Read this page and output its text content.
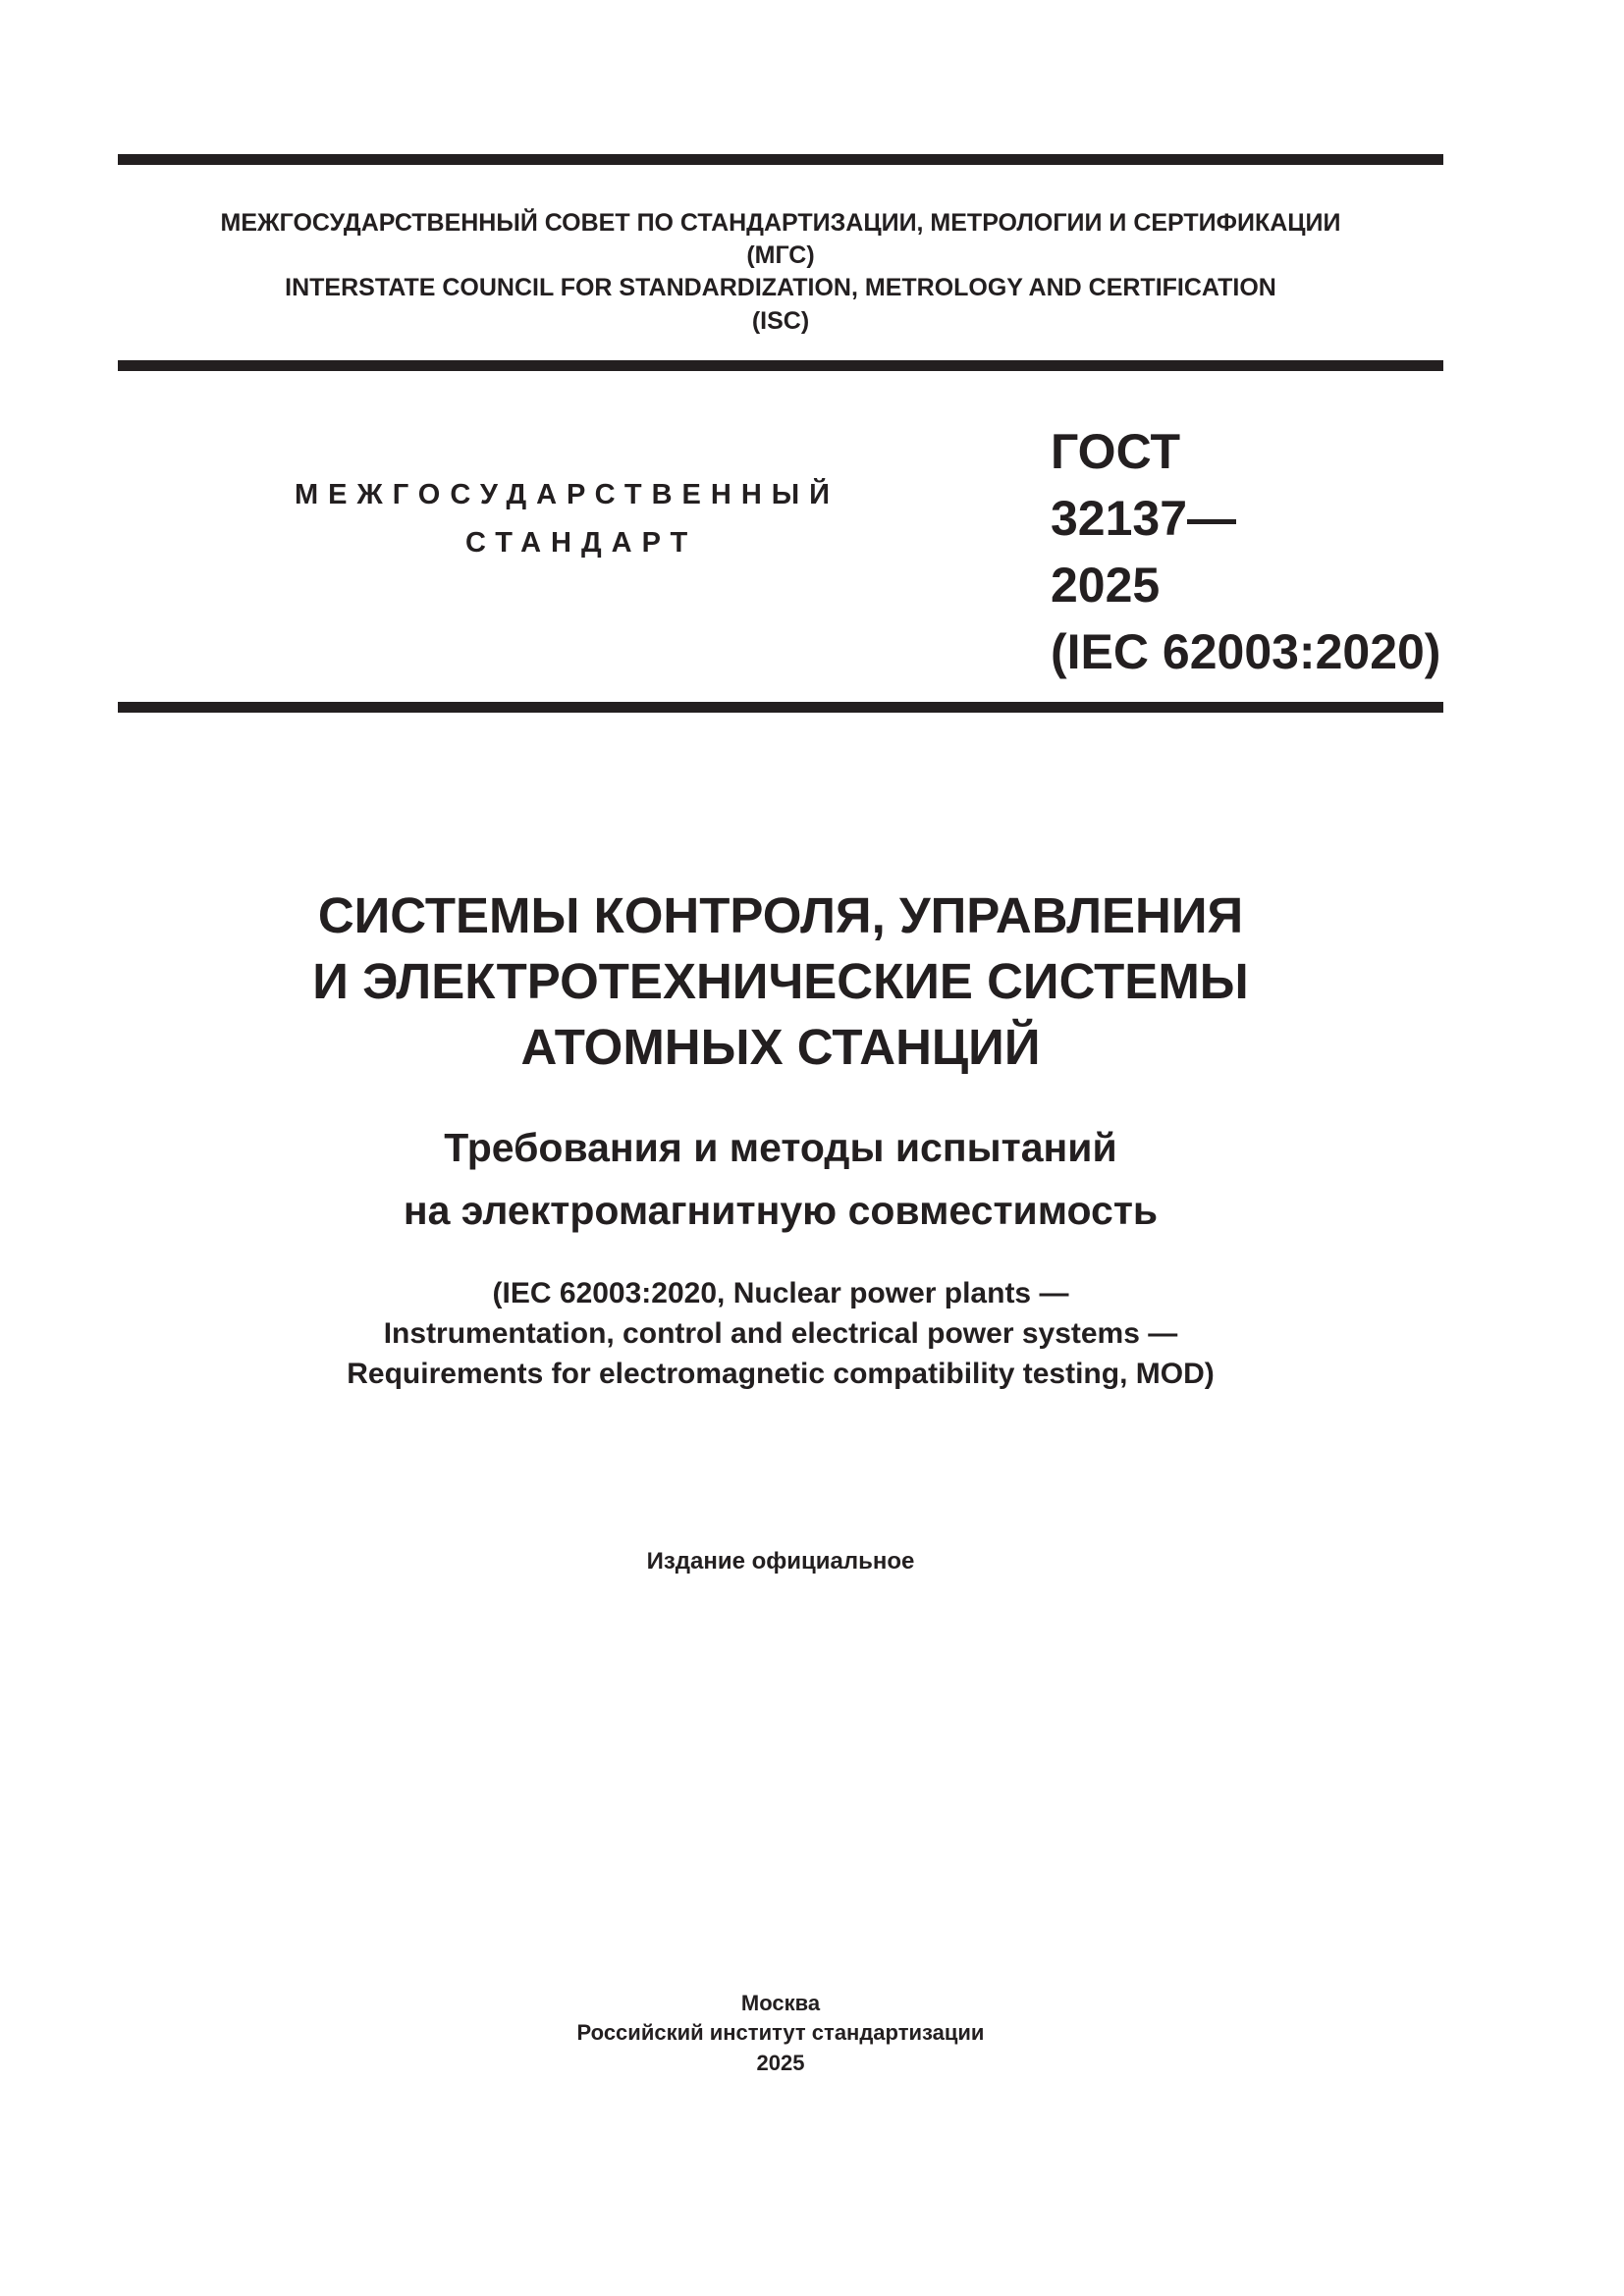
МЕЖГОСУДАРСТВЕННЫЙ СОВЕТ ПО СТАНДАРТИЗАЦИИ, МЕТРОЛОГИИ И СЕРТИФИКАЦИИ
(МГС)
INTERSTATE COUNCIL FOR STANDARDIZATION, METROLOGY AND CERTIFICATION
(ISC)
МЕЖГОСУДАРСТВЕННЫЙ
СТАНДАРТ
ГОСТ
32137—
2025
(IEC 62003:2020)
СИСТЕМЫ КОНТРОЛЯ, УПРАВЛЕНИЯ
И ЭЛЕКТРОТЕХНИЧЕСКИЕ СИСТЕМЫ
АТОМНЫХ СТАНЦИЙ
Требования и методы испытаний
на электромагнитную совместимость
(IEC 62003:2020, Nuclear power plants —
Instrumentation, control and electrical power systems —
Requirements for electromagnetic compatibility testing, MOD)
Издание официальное
Москва
Российский институт стандартизации
2025
